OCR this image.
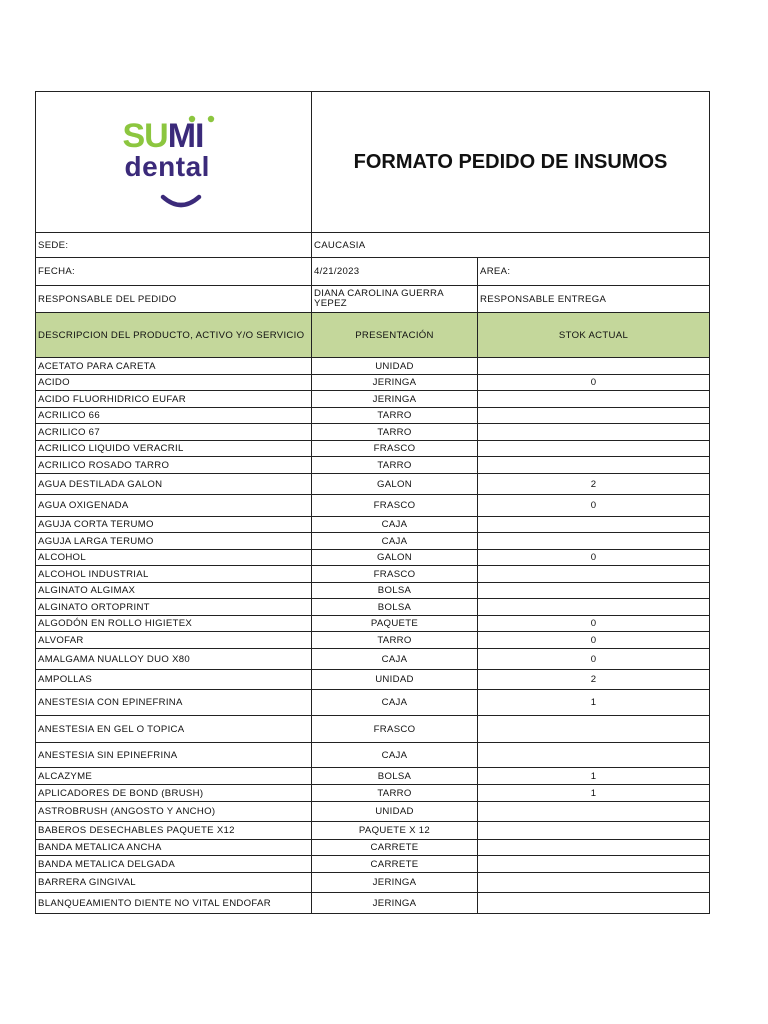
SUMI
dental	FORMATO PEDIDO DE INSUMOS	
SEDE:	CAUCASIA	
FECHA:	4/21/2023	AREA:
RESPONSABLE DEL PEDIDO	DIANA CAROLINA GUERRA YEPEZ	RESPONSABLE ENTREGA
DESCRIPCION DEL PRODUCTO, ACTIVO Y/O SERVICIO	PRESENTACIÓN	STOK ACTUAL
ACETATO PARA CARETA	UNIDAD	
ACIDO	JERINGA	0
ACIDO FLUORHIDRICO EUFAR	JERINGA	
ACRILICO 66	TARRO	
ACRILICO 67	TARRO	
ACRILICO LIQUIDO VERACRIL	FRASCO	
ACRILICO ROSADO TARRO	TARRO	
AGUA DESTILADA GALON	GALON	2
AGUA OXIGENADA	FRASCO	0
AGUJA CORTA TERUMO	CAJA	
AGUJA LARGA TERUMO	CAJA	
ALCOHOL	GALON	0
ALCOHOL INDUSTRIAL	FRASCO	
ALGINATO ALGIMAX	BOLSA	
ALGINATO ORTOPRINT	BOLSA	
ALGODÓN EN ROLLO HIGIETEX	PAQUETE	0
ALVOFAR	TARRO	0
AMALGAMA NUALLOY DUO X80	CAJA	0
AMPOLLAS	UNIDAD	2
ANESTESIA CON EPINEFRINA	CAJA	1
ANESTESIA EN GEL O TOPICA	FRASCO	
ANESTESIA SIN EPINEFRINA	CAJA	
ALCAZYME	BOLSA	1
APLICADORES DE BOND (BRUSH)	TARRO	1
ASTROBRUSH (ANGOSTO Y ANCHO)	UNIDAD	
BABEROS DESECHABLES PAQUETE X12	PAQUETE X 12	
BANDA METALICA ANCHA	CARRETE	
BANDA METALICA DELGADA	CARRETE	
BARRERA GINGIVAL	JERINGA	
BLANQUEAMIENTO DIENTE NO VITAL ENDOFAR	JERINGA	
